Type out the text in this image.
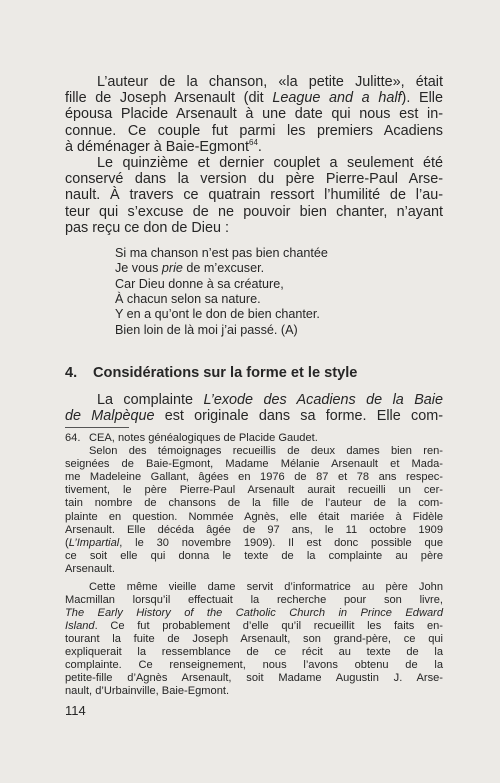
L’auteur de la chanson, «la petite Julitte», était
fille de Joseph Arsenault (dit League and a half). Elle
épousa Placide Arsenault à une date qui nous est in-
connue. Ce couple fut parmi les premiers Acadiens
à déménager à Baie-Egmont$^{64}$.

Le quinzième et dernier couplet a seulement été
conservé dans la version du père Pierre-Paul Arse-
nault. À travers ce quatrain ressort l’humilité de l’au-
teur qui s’excuse de ne pouvoir bien chanter, n’ayant
pas reçu ce don de Dieu :

Si ma chanson n’est pas bien chantée
Je vous prie de m’excuser.
Car Dieu donne à sa créature,
À chacun selon sa nature.
Y en a qu’ont le don de bien chanter.
Bien loin de là moi j’ai passé. (A)
4. Considérations sur la forme et le style

La complainte L’exode des Acadiens de la Baie
de Malpèque est originale dans sa forme. Elle com-

64. CEA, notes généalogiques de Placide Gaudet.

Selon des témoignages recueillis de deux dames bien ren-
seignées de Baie-Egmont, Madame Mélanie Arsenault et Mada-
me Madeleine Gallant, âgées en 1976 de 87 et 78 ans respec-
tivement, le père Pierre-Paul Arsenault aurait recueilli un cer-
tain nombre de chansons de la fille de l’auteur de la com-
plainte en question. Nommée Agnès, elle était mariée à Fidèle
Arsenault. Elle décéda âgée de 97 ans, le 11 octobre 1909
(L’Impartial, le 30 novembre 1909). Il est donc possible que
ce soit elle qui donna le texte de la complainte au père
Arsenault.

Cette même vieille dame servit d’informatrice au père John
Macmillan lorsqu’il effectuait la recherche pour son livre,
The Early History of the Catholic Church in Prince Edward
Island. Ce fut probablement d’elle qu’il recueillit les faits en-
tourant la fuite de Joseph Arsenault, son grand-père, ce qui
expliquerait la ressemblance de ce récit au texte de la
complainte. Ce renseignement, nous l’avons obtenu de la
petite-fille d’Agnès Arsenault, soit Madame Augustin J. Arse-
nault, d’Urbainville, Baie-Egmont.

114
